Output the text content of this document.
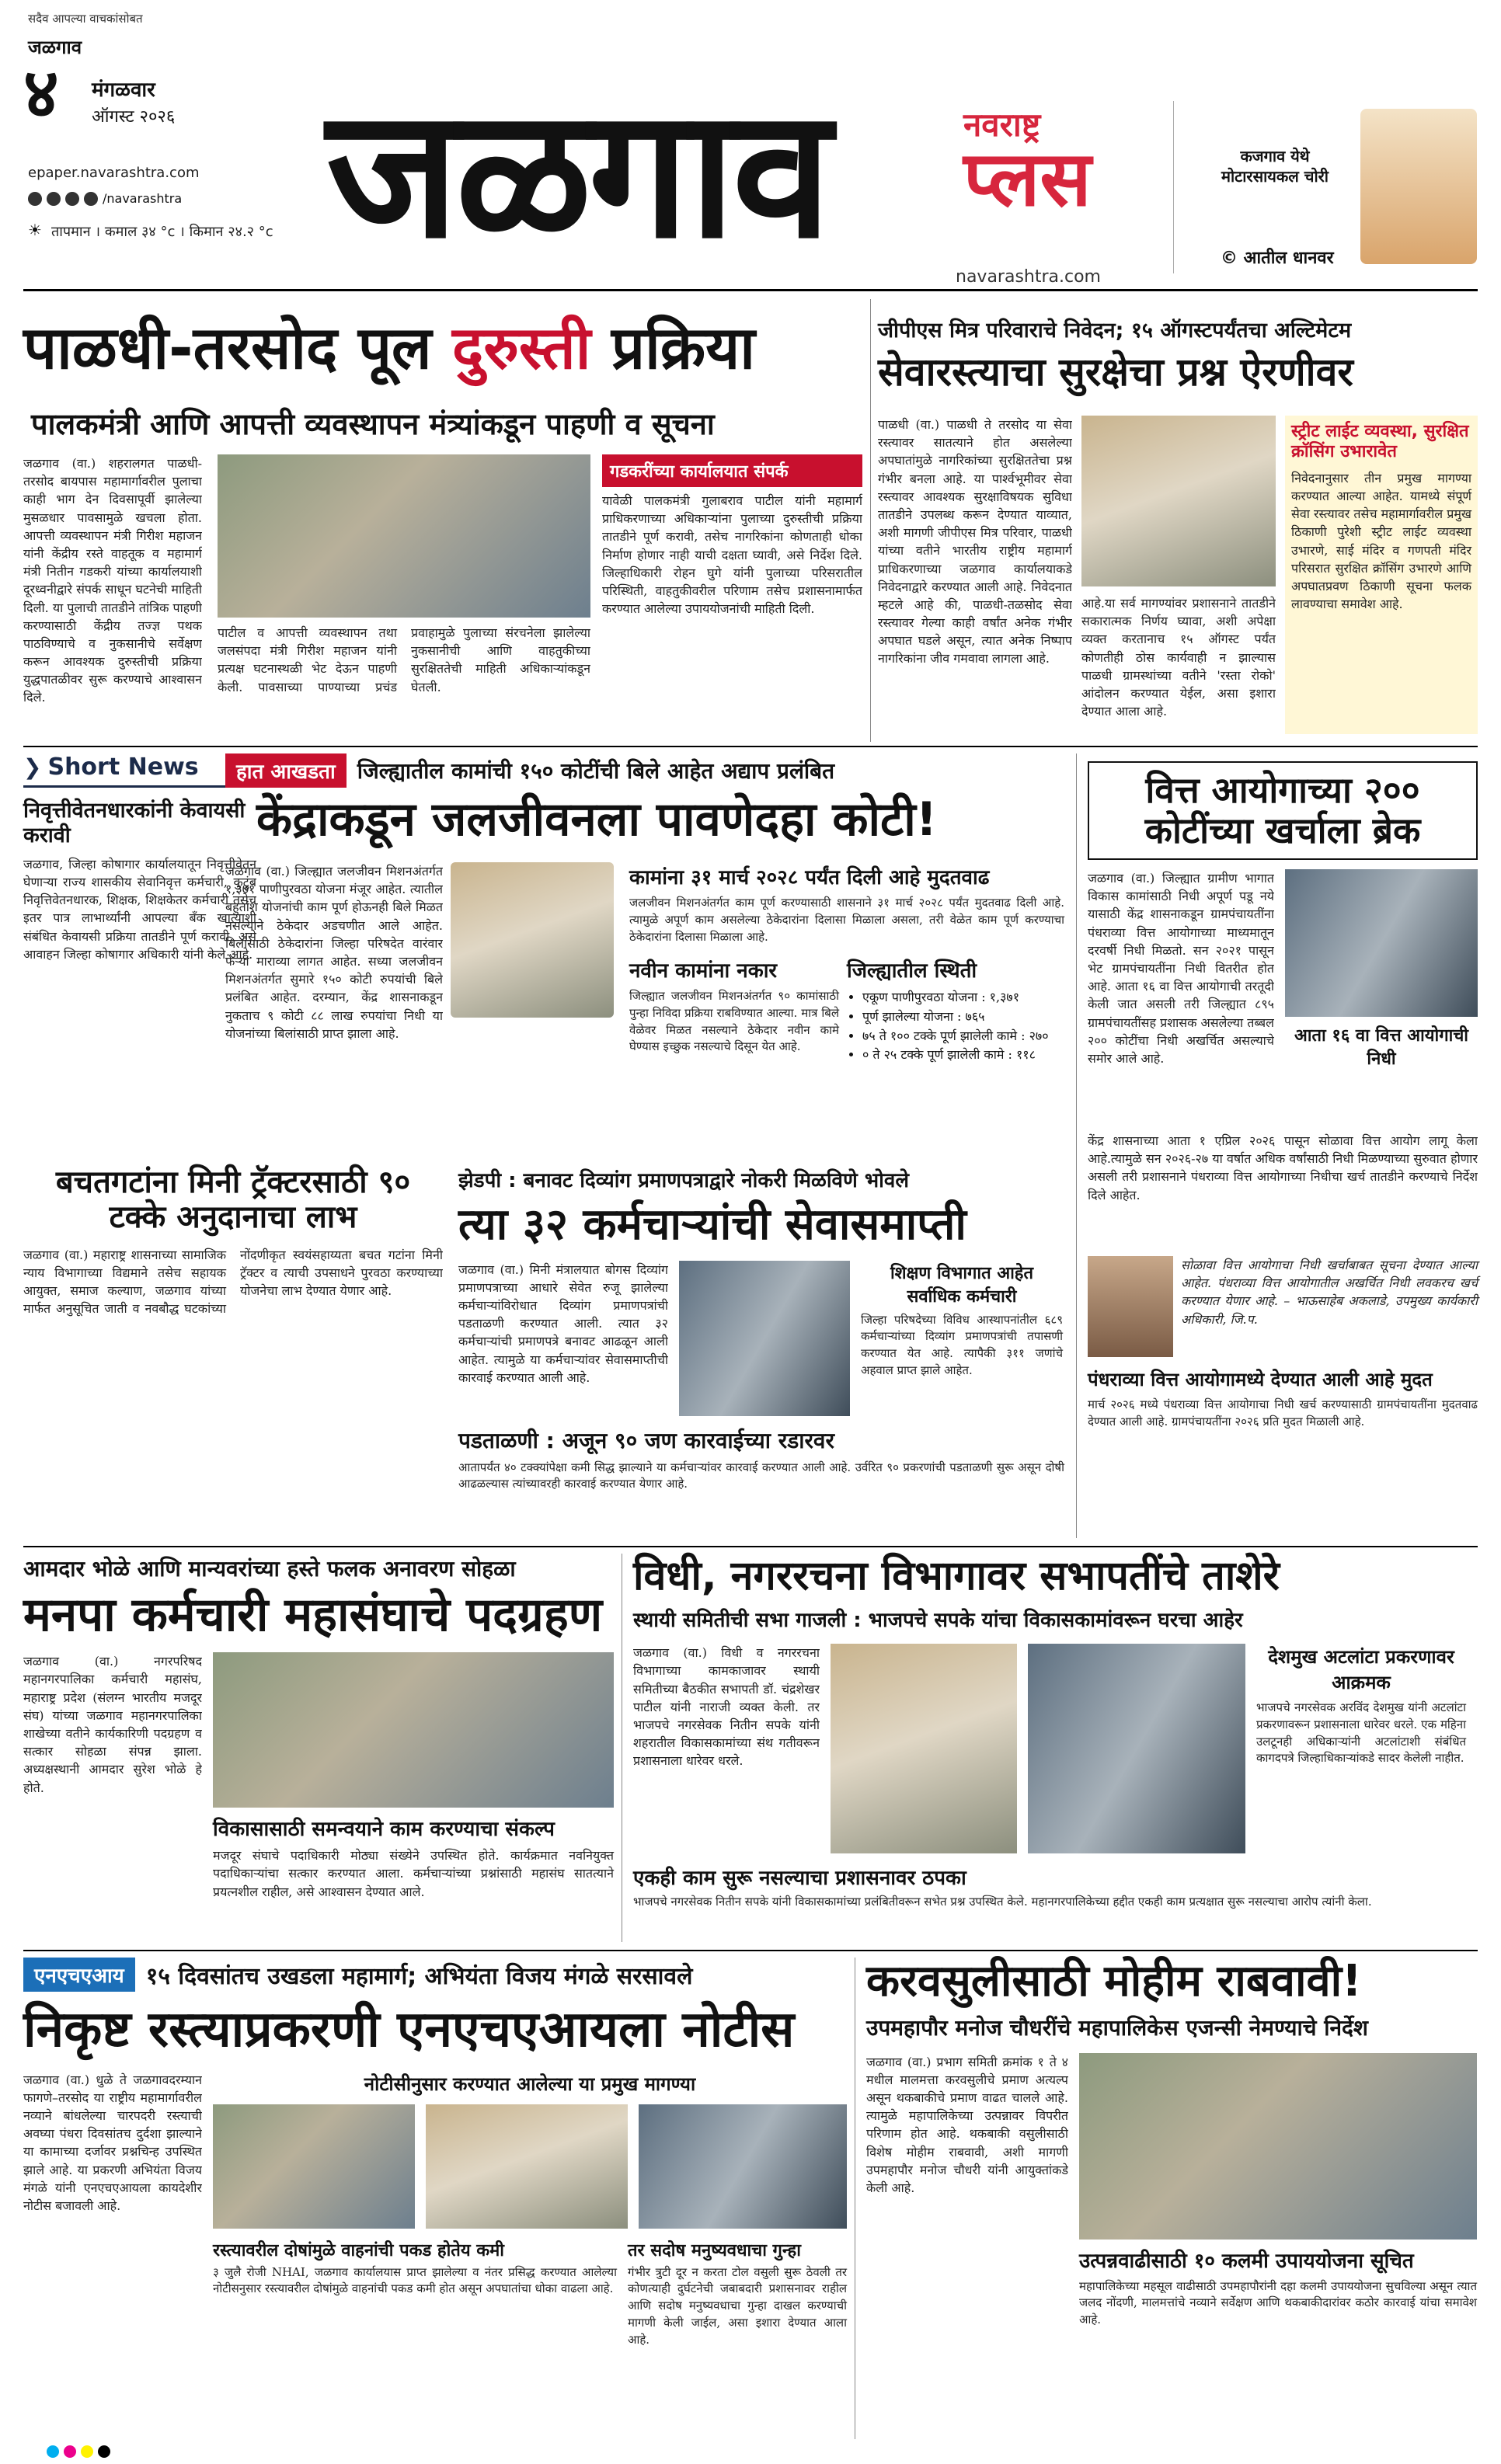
सदैव आपल्या वाचकांसोबत
जळगाव
४ मंगळवार
ऑगस्ट २०२६
epaper.navarashtra.com
/navarashtra
☀ तापमान । कमाल ३४ °c । किमान २४.२ °c जळगाव	नवराष्ट्र
प्लस
navarashtra.com
कजगाव येथे मोटारसायकल चोरी
© आतील धानवर
पाळधी-तरसोद पूल दुरुस्ती प्रक्रिया
पालकमंत्री आणि आपत्ती व्यवस्थापन मंत्र्यांकडून पाहणी व सूचना

जळगाव (वा.) शहरालगत पाळधी-तरसोद बायपास महामार्गावरील पुलाचा काही भाग देन दिवसापूर्वी झालेल्या मुसळधार पावसामुळे खचला होता. आपत्ती व्यवस्थापन मंत्री गिरीश महाजन यांनी केंद्रीय रस्ते वाहतूक व महामार्ग मंत्री नितीन गडकरी यांच्या कार्यालयाशी दूरध्वनीद्वारे संपर्क साधून घटनेची माहिती दिली. या पुलाची तातडीने तांत्रिक पाहणी करण्यासाठी केंद्रीय तज्ज्ञ पथक पाठविण्याचे व नुकसानीचे सर्वेक्षण करून आवश्यक दुरुस्तीची प्रक्रिया युद्धपातळीवर सुरू करण्याचे आश्वासन दिले.

पाटील व आपत्ती व्यवस्थापन तथा जलसंपदा मंत्री गिरीश महाजन यांनी प्रत्यक्ष घटनास्थळी भेट देऊन पाहणी केली. पावसाच्या पाण्याच्या प्रचंड प्रवाहामुळे पुलाच्या संरचनेला झालेल्या नुकसानीची आणि वाहतुकीच्या सुरक्षिततेची माहिती अधिकाऱ्यांकडून घेतली.

गडकरींच्या कार्यालयात संपर्क

यावेळी पालकमंत्री गुलाबराव पाटील यांनी महामार्ग प्राधिकरणाच्या अधिकाऱ्यांना पुलाच्या दुरुस्तीची प्रक्रिया तातडीने पूर्ण करावी, तसेच नागरिकांना कोणताही धोका निर्माण होणार नाही याची दक्षता घ्यावी, असे निर्देश दिले. जिल्हाधिकारी रोहन घुगे यांनी पुलाच्या परिसरातील परिस्थिती, वाहतुकीवरील परिणाम तसेच प्रशासनामार्फत करण्यात आलेल्या उपाययोजनांची माहिती दिली.

जीपीएस मित्र परिवाराचे निवेदन; १५ ऑगस्टपर्यंतचा अल्टिमेटम
सेवारस्त्याचा सुरक्षेचा प्रश्न ऐरणीवर

पाळधी (वा.) पाळधी ते तरसोद या सेवा रस्त्यावर सातत्याने होत असलेल्या अपघातांमुळे नागरिकांच्या सुरक्षिततेचा प्रश्न गंभीर बनला आहे. या पार्श्वभूमीवर सेवा रस्त्यावर आवश्यक सुरक्षाविषयक सुविधा तातडीने उपलब्ध करून देण्यात याव्यात, अशी मागणी जीपीएस मित्र परिवार, पाळधी यांच्या वतीने भारतीय राष्ट्रीय महामार्ग प्राधिकरणाच्या जळगाव कार्यालयाकडे निवेदनाद्वारे करण्यात आली आहे. निवेदनात म्हटले आहे की, पाळधी-तळसोद सेवा रस्त्यावर गेल्या काही वर्षांत अनेक गंभीर अपघात घडले असून, त्यात अनेक निष्पाप नागरिकांना जीव गमवावा लागला आहे.

आहे.या सर्व मागण्यांवर प्रशासनाने तातडीने सकारात्मक निर्णय घ्यावा, अशी अपेक्षा व्यक्त करतानाच १५ ऑगस्ट पर्यंत कोणतीही ठोस कार्यवाही न झाल्यास पाळधी ग्रामस्थांच्या वतीने 'रस्ता रोको' आंदोलन करण्यात येईल, असा इशारा देण्यात आला आहे.

स्ट्रीट लाईट व्यवस्था, सुरक्षित क्रॉसिंग उभारावेत

निवेदनानुसार तीन प्रमुख मागण्या करण्यात आल्या आहेत. यामध्ये संपूर्ण सेवा रस्त्यावर तसेच महामार्गावरील प्रमुख ठिकाणी पुरेशी स्ट्रीट लाईट व्यवस्था उभारणे, साई मंदिर व गणपती मंदिर परिसरात सुरक्षित क्रॉसिंग उभारणे आणि अपघातप्रवण ठिकाणी सूचना फलक लावण्याचा समावेश आहे.

❯ Short News
निवृत्तीवेतनधारकांनी केवायसी करावी

जळगाव, जिल्हा कोषागार कार्यालयातून निवृत्तीवेतन घेणाऱ्या राज्य शासकीय सेवानिवृत्त कर्मचारी, कुटुंब निवृत्तिवेतनधारक, शिक्षक, शिक्षकेतर कर्मचारी तसेच इतर पात्र लाभार्थ्यांनी आपल्या बँक खात्याशी संबंधित केवायसी प्रक्रिया तातडीने पूर्ण करावी, असे आवाहन जिल्हा कोषागार अधिकारी यांनी केले आहे.

हात आखडता	जिल्ह्यातील कामांची १५० कोटींची बिले आहेत अद्याप प्रलंबित
केंद्राकडून जलजीवनला पावणेदहा कोटी!

जळगाव (वा.) जिल्ह्यात जलजीवन मिशनअंतर्गत १,३७१ पाणीपुरवठा योजना मंजूर आहेत. त्यातील बहुतांश योजनांची काम पूर्ण होऊनही बिले मिळत नसल्याने ठेकेदार अडचणीत आले आहेत. बिलांसाठी ठेकेदारांना जिल्हा परिषदेत वारंवार फेऱ्या माराव्या लागत आहेत. सध्या जलजीवन मिशनअंतर्गत सुमारे १५० कोटी रुपयांची बिले प्रलंबित आहेत. दरम्यान, केंद्र शासनाकडून नुकताच ९ कोटी ८८ लाख रुपयांचा निधी या योजनांच्या बिलांसाठी प्राप्त झाला आहे.

कामांना ३१ मार्च २०२८ पर्यंत दिली आहे मुदतवाढ

जलजीवन मिशनअंतर्गत काम पूर्ण करण्यासाठी शासनाने ३१ मार्च २०२८ पर्यंत मुदतवाढ दिली आहे. त्यामुळे अपूर्ण काम असलेल्या ठेकेदारांना दिलासा मिळाला असला, तरी वेळेत काम पूर्ण करण्याचा ठेकेदारांना दिलासा मिळाला आहे.

नवीन कामांना नकार

जिल्ह्यात जलजीवन मिशनअंतर्गत ९० कामांसाठी पुन्हा निविदा प्रक्रिया राबविण्यात आल्या. मात्र बिले वेळेवर मिळत नसल्याने ठेकेदार नवीन कामे घेण्यास इच्छुक नसल्याचे दिसून येत आहे.

जिल्ह्यातील स्थिती
• एकूण पाणीपुरवठा योजना : १,३७१
• पूर्ण झालेल्या योजना : ७६५
• ७५ ते १०० टक्के पूर्ण झालेली कामे : २७०
• ० ते २५ टक्के पूर्ण झालेली कामे : ११८
वित्त आयोगाच्या २०० कोटींच्या खर्चाला ब्रेक

जळगाव (वा.) जिल्ह्यात ग्रामीण भागात विकास कामांसाठी निधी अपूर्ण पडू नये यासाठी केंद्र शासनाकडून ग्रामपंचायतींना पंधराव्या वित्त आयोगाच्या माध्यमातून दरवर्षी निधी मिळतो. सन २०२१ पासून भेट ग्रामपंचायतींना निधी वितरीत होत आहे. आता १६ वा वित्त आयोगाची तरतूदी केली जात असली तरी जिल्ह्यात ८९५ ग्रामपंचायतींसह प्रशासक असलेल्या तब्बल २०० कोटींचा निधी अखर्चित असल्याचे समोर आले आहे.

आता १६ वा वित्त आयोगाची निधी

केंद्र शासनाच्या आता १ एप्रिल २०२६ पासून सोळावा वित्त आयोग लागू केला आहे.त्यामुळे सन २०२६-२७ या वर्षात अधिक वर्षांसाठी निधी मिळण्याच्या सुरुवात होणार असली तरी प्रशासनाने पंधराव्या वित्त आयोगाच्या निधीचा खर्च तातडीने करण्याचे निर्देश दिले आहेत.

सोळावा वित्त आयोगाचा निधी खर्चाबाबत सूचना देण्यात आल्या आहेत. पंधराव्या वित्त आयोगातील अखर्चित निधी लवकरच खर्च करण्यात येणार आहे. – भाऊसाहेब अकलाडे, उपमुख्य कार्यकारी अधिकारी, जि.प.

पंधराव्या वित्त आयोगामध्ये देण्यात आली आहे मुदत

मार्च २०२६ मध्ये पंधराव्या वित्त आयोगाचा निधी खर्च करण्यासाठी ग्रामपंचायतींना मुदतवाढ देण्यात आली आहे. ग्रामपंचायतींना २०२६ प्रति मुदत मिळाली आहे.

बचतगटांना मिनी ट्रॅक्टरसाठी ९० टक्के अनुदानाचा लाभ

जळगाव (वा.) महाराष्ट्र शासनाच्या सामाजिक न्याय विभागाच्या विद्यमाने तसेच सहायक आयुक्त, समाज कल्याण, जळगाव यांच्या मार्फत अनुसूचित जाती व नवबौद्ध घटकांच्या नोंदणीकृत स्वयंसहाय्यता बचत गटांना मिनी ट्रॅक्टर व त्याची उपसाधने पुरवठा करण्याच्या योजनेचा लाभ देण्यात येणार आहे.

झेडपी : बनावट दिव्यांग प्रमाणपत्राद्वारे नोकरी मिळविणे भोवले
त्या ३२ कर्मचाऱ्यांची सेवासमाप्ती

जळगाव (वा.) मिनी मंत्रालयात बोगस दिव्यांग प्रमाणपत्राच्या आधारे सेवेत रुजू झालेल्या कर्मचाऱ्यांविरोधात दिव्यांग प्रमाणपत्रांची पडताळणी करण्यात आली. त्यात ३२ कर्मचाऱ्यांची प्रमाणपत्रे बनावट आढळून आली आहेत. त्यामुळे या कर्मचाऱ्यांवर सेवासमाप्तीची कारवाई करण्यात आली आहे.

शिक्षण विभागात आहेत सर्वाधिक कर्मचारी

जिल्हा परिषदेच्या विविध आस्थापनांतील ६८९ कर्मचाऱ्यांच्या दिव्यांग प्रमाणपत्रांची तपासणी करण्यात येत आहे. त्यापैकी ३११ जणांचे अहवाल प्राप्त झाले आहेत.

पडताळणी : अजून ९० जण कारवाईच्या रडारवर

आतापर्यंत ४० टक्क्यांपेक्षा कमी सिद्ध झाल्याने या कर्मचाऱ्यांवर कारवाई करण्यात आली आहे. उर्वरित ९० प्रकरणांची पडताळणी सुरू असून दोषी आढळल्यास त्यांच्यावरही कारवाई करण्यात येणार आहे.

आमदार भोळे आणि मान्यवरांच्या हस्ते फलक अनावरण सोहळा
मनपा कर्मचारी महासंघाचे पदग्रहण

जळगाव (वा.) नगरपरिषद महानगरपालिका कर्मचारी महासंघ, महाराष्ट्र प्रदेश (संलग्न भारतीय मजदूर संघ) यांच्या जळगाव महानगरपालिका शाखेच्या वतीने कार्यकारिणी पदग्रहण व सत्कार सोहळा संपन्न झाला. अध्यक्षस्थानी आमदार सुरेश भोळे हे होते.

विकासासाठी समन्वयाने काम करण्याचा संकल्प

मजदूर संघाचे पदाधिकारी मोठ्या संख्येने उपस्थित होते. कार्यक्रमात नवनियुक्त पदाधिकाऱ्यांचा सत्कार करण्यात आला. कर्मचाऱ्यांच्या प्रश्नांसाठी महासंघ सातत्याने प्रयत्नशील राहील, असे आश्वासन देण्यात आले.

विधी, नगररचना विभागावर सभापतींचे ताशेरे
स्थायी समितीची सभा गाजली : भाजपचे सपके यांचा विकासकामांवरून घरचा आहेर

जळगाव (वा.) विधी व नगररचना विभागाच्या कामकाजावर स्थायी समितीच्या बैठकीत सभापती डॉ. चंद्रशेखर पाटील यांनी नाराजी व्यक्त केली. तर भाजपचे नगरसेवक नितीन सपके यांनी शहरातील विकासकामांच्या संथ गतीवरून प्रशासनाला धारेवर धरले.

देशमुख अटलांटा प्रकरणावर आक्रमक

भाजपचे नगरसेवक अरविंद देशमुख यांनी अटलांटा प्रकरणावरून प्रशासनाला धारेवर धरले. एक महिना उलटूनही अधिकाऱ्यांनी अटलांटाशी संबंधित कागदपत्रे जिल्हाधिकाऱ्यांकडे सादर केलेली नाहीत.

एकही काम सुरू नसल्याचा प्रशासनावर ठपका

भाजपचे नगरसेवक नितीन सपके यांनी विकासकामांच्या प्रलंबितीवरून सभेत प्रश्न उपस्थित केले. महानगरपालिकेच्या हद्दीत एकही काम प्रत्यक्षात सुरू नसल्याचा आरोप त्यांनी केला.

एनएचएआय १५ दिवसांतच उखडला महामार्ग; अभियंता विजय मंगळे सरसावले
निकृष्ट रस्त्याप्रकरणी एनएचएआयला नोटीस

जळगाव (वा.) धुळे ते जळगावदरम्यान फागणे–तरसोद या राष्ट्रीय महामार्गावरील नव्याने बांधलेल्या चारपदरी रस्त्याची अवघ्या पंधरा दिवसांतच दुर्दशा झाल्याने या कामाच्या दर्जावर प्रश्नचिन्ह उपस्थित झाले आहे. या प्रकरणी अभियंता विजय मंगळे यांनी एनएचएआयला कायदेशीर नोटीस बजावली आहे.

नोटीसीनुसार करण्यात आलेल्या या प्रमुख मागण्या
रस्त्यावरील दोषांमुळे वाहनांची पकड होतेय कमी

३ जुलै रोजी NHAI, जळगाव कार्यालयास प्राप्त झालेल्या व नंतर प्रसिद्ध करण्यात आलेल्या नोटीसनुसार रस्त्यावरील दोषांमुळे वाहनांची पकड कमी होत असून अपघातांचा धोका वाढला आहे.

तर सदोष मनुष्यवधाचा गुन्हा

गंभीर त्रुटी दूर न करता टोल वसुली सुरू ठेवली तर कोणत्याही दुर्घटनेची जबाबदारी प्रशासनावर राहील आणि सदोष मनुष्यवधाचा गुन्हा दाखल करण्याची मागणी केली जाईल, असा इशारा देण्यात आला आहे.

करवसुलीसाठी मोहीम राबवावी!
उपमहापौर मनोज चौधरींचे महापालिकेस एजन्सी नेमण्याचे निर्देश

जळगाव (वा.) प्रभाग समिती क्रमांक १ ते ४ मधील मालमत्ता करवसुलीचे प्रमाण अत्यल्प असून थकबाकीचे प्रमाण वाढत चालले आहे. त्यामुळे महापालिकेच्या उत्पन्नावर विपरीत परिणाम होत आहे. थकबाकी वसुलीसाठी विशेष मोहीम राबवावी, अशी मागणी उपमहापौर मनोज चौधरी यांनी आयुक्तांकडे केली आहे.

उत्पन्नवाढीसाठी १० कलमी उपाययोजना सूचित

महापालिकेच्या महसूल वाढीसाठी उपमहापौरांनी दहा कलमी उपाययोजना सुचविल्या असून त्यात जलद नोंदणी, मालमत्तांचे नव्याने सर्वेक्षण आणि थकबाकीदारांवर कठोर कारवाई यांचा समावेश आहे.
